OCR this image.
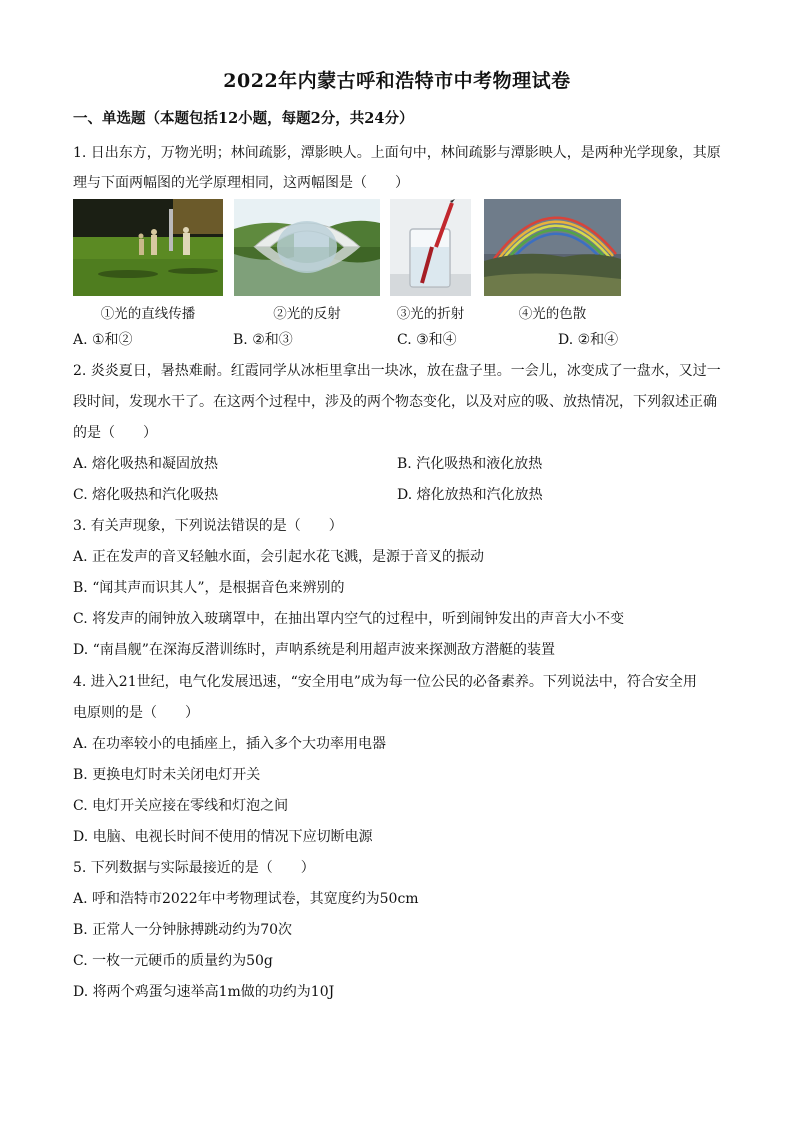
2022年内蒙古呼和浩特市中考物理试卷
一、单选题（本题包括12小题，每题2分，共24分）
1. 日出东方，万物光明；林间疏影，潭影映人。上面句中，林间疏影与潭影映人，是两种光学现象，其原
理与下面两幅图的光学原理相同，这两幅图是（　　）
①光的直线传播	②光的反射	③光的折射	④光的色散
A. ①和②	B. ②和③	C. ③和④	D. ②和④
2. 炎炎夏日，暑热难耐。红霞同学从冰柜里拿出一块冰，放在盘子里。一会儿，冰变成了一盘水，又过一
段时间，发现水干了。在这两个过程中，涉及的两个物态变化，以及对应的吸、放热情况，下列叙述正确
的是（　　）
A. 熔化吸热和凝固放热	B. 汽化吸热和液化放热
C. 熔化吸热和汽化吸热	D. 熔化放热和汽化放热
3. 有关声现象，下列说法错误的是（　　）
A. 正在发声的音叉轻触水面，会引起水花飞溅，是源于音叉的振动
B. “闻其声而识其人”，是根据音色来辨别的
C. 将发声的闹钟放入玻璃罩中，在抽出罩内空气的过程中，听到闹钟发出的声音大小不变
D. “南昌舰”在深海反潜训练时，声呐系统是利用超声波来探测敌方潜艇的装置
4. 进入21世纪，电气化发展迅速，“安全用电”成为每一位公民的必备素养。下列说法中，符合安全用
电原则的是（　　）
A. 在功率较小的电插座上，插入多个大功率用电器
B. 更换电灯时未关闭电灯开关
C. 电灯开关应接在零线和灯泡之间
D. 电脑、电视长时间不使用的情况下应切断电源
5. 下列数据与实际最接近的是（　　）
A. 呼和浩特市2022年中考物理试卷，其宽度约为50cm
B. 正常人一分钟脉搏跳动约为70次
C. 一枚一元硬币的质量约为50g
D. 将两个鸡蛋匀速举高1m做的功约为10J
